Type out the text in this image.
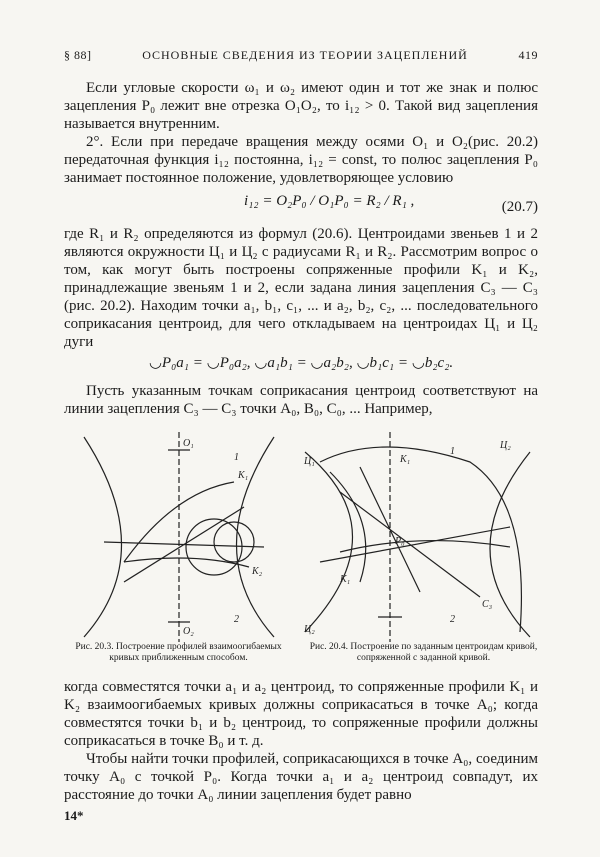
§ 88]	ОСНОВНЫЕ СВЕДЕНИЯ ИЗ ТЕОРИИ ЗАЦЕПЛЕНИЙ	419

Если угловые скорости ω₁ и ω₂ имеют один и тот же знак и полюс зацепления P₀ лежит вне отрезка O₁O₂, то i₁₂ > 0. Такой вид зацепления называется внутренним.

2°. Если при передаче вращения между осями O₁ и O₂(рис. 20.2) передаточная функция i₁₂ постоянна, i₁₂ = const, то полюс зацепления P₀ занимает постоянное положение, удовлетворяющее условию

i₁₂ = O₂P₀ / O₁P₀ = R₂ / R₁ ,	(20.7)

где R₁ и R₂ определяются из формул (20.6). Центроидами звеньев 1 и 2 являются окружности Ц₁ и Ц₂ с радиусами R₁ и R₂. Рассмотрим вопрос о том, как могут быть построены сопряженные профили K₁ и K₂, принадлежащие звеньям 1 и 2, если задана линия зацепления C₃ — C₃ (рис. 20.2). Находим точки a₁, b₁, c₁, ... и a₂, b₂, c₂, ... последовательного соприкасания центроид, для чего откладываем на центроидах Ц₁ и Ц₂ дуги

◡P₀a₁ = ◡P₀a₂, ◡a₁b₁ = ◡a₂b₂, ◡b₁c₁ = ◡b₂c₂.

Пусть указанным точкам соприкасания центроид соответствуют на линии зацепления C₃ — C₃ точки A₀, B₀, C₀, ... Например,

O₁
O₂
1
2
K₁
K₂
Ц₁
Ц₂
1
2
K₁
K₁
C₃
P₀
Ц₂
Рис. 20.3. Построение профилей взаимоогибаемых кривых приближенным способом.
Рис. 20.4. Построение по заданным центроидам кривой, сопряженной с заданной кривой.

когда совместятся точки a₁ и a₂ центроид, то сопряженные профили K₁ и K₂ взаимоогибаемых кривых должны соприкасаться в точке A₀; когда совместятся точки b₁ и b₂ центроид, то сопряженные профили должны соприкасаться в точке B₀ и т. д.

Чтобы найти точки профилей, соприкасающихся в точке A₀, соединим точку A₀ с точкой P₀. Когда точки a₁ и a₂ центроид совпадут, их расстояние до точки A₀ линии зацепления будет равно

14*
